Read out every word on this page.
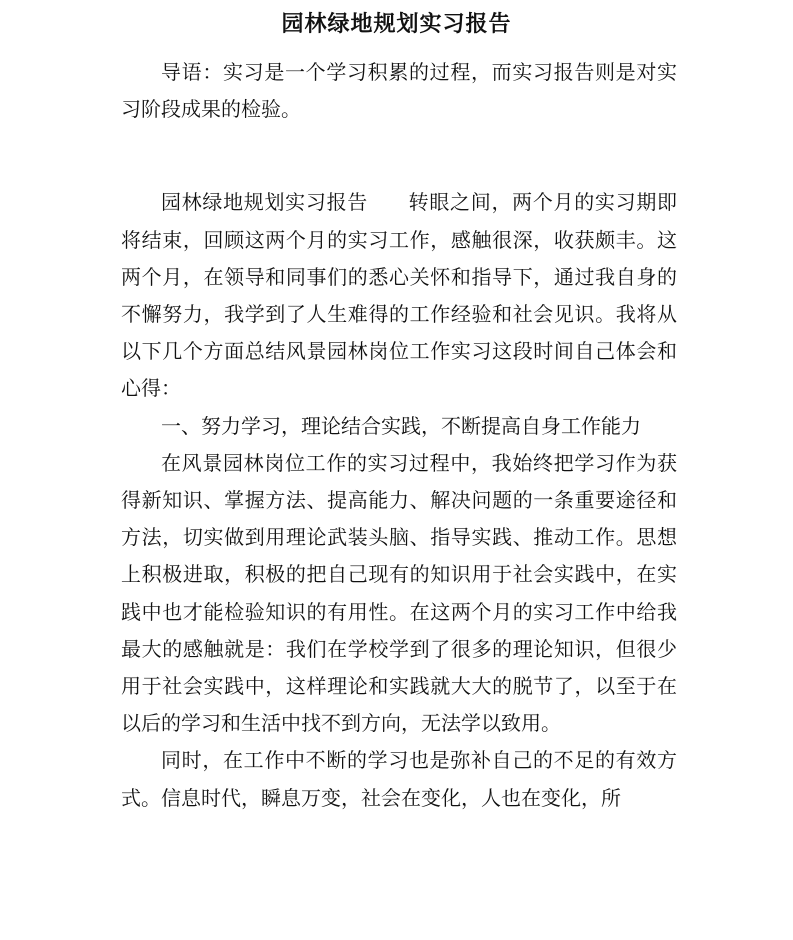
园林绿地规划实习报告

导语：实习是一个学习积累的过程，而实习报告则是对实习阶段成果的检验。

园林绿地规划实习报告 转眼之间，两个月的实习期即将结束，回顾这两个月的实习工作，感触很深，收获颇丰。这两个月，在领导和同事们的悉心关怀和指导下，通过我自身的不懈努力，我学到了人生难得的工作经验和社会见识。我将从以下几个方面总结风景园林岗位工作实习这段时间自己体会和心得：

一、努力学习，理论结合实践，不断提高自身工作能力

在风景园林岗位工作的实习过程中，我始终把学习作为获得新知识、掌握方法、提高能力、解决问题的一条重要途径和方法，切实做到用理论武装头脑、指导实践、推动工作。思想上积极进取，积极的把自己现有的知识用于社会实践中，在实践中也才能检验知识的有用性。在这两个月的实习工作中给我最大的感触就是：我们在学校学到了很多的理论知识，但很少用于社会实践中，这样理论和实践就大大的脱节了，以至于在以后的学习和生活中找不到方向，无法学以致用。

同时，在工作中不断的学习也是弥补自己的不足的有效方式。信息时代，瞬息万变，社会在变化，人也在变化，所
